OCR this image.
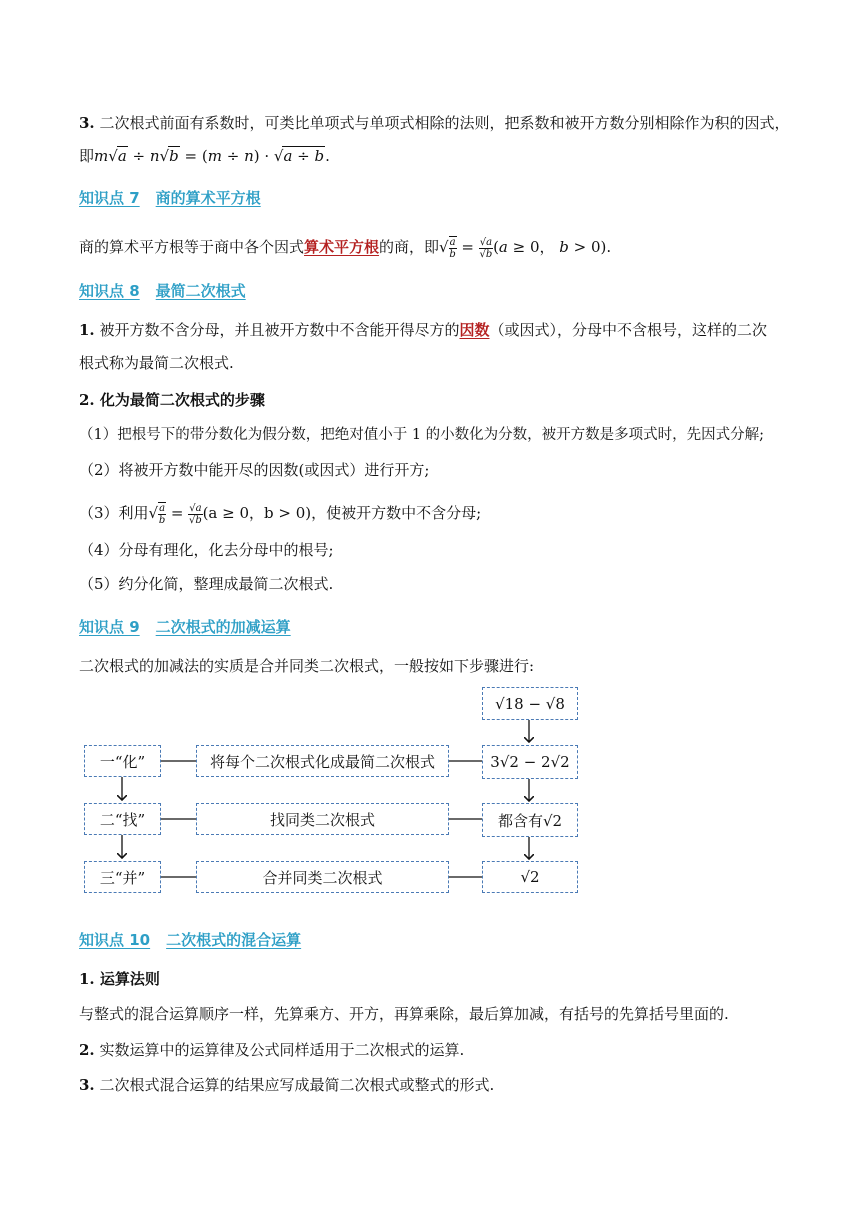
3. 二次根式前面有系数时，可类比单项式与单项式相除的法则，把系数和被开方数分别相除作为积的因式，
即m√a ÷ n√b = (m ÷ n) · √a ÷ b.
知识点 7 商的算术平方根
商的算术平方根等于商中各个因式算术平方根的商，即√ $\frac{a}{b} = \frac{√a}{√b} (a \ge 0$， b > 0).
知识点 8 最简二次根式
1. 被开方数不含分母，并且被开方数中不含能开得尽方的因数（或因式），分母中不含根号，这样的二次
根式称为最简二次根式.
2. 化为最简二次根式的步骤
（1）把根号下的带分数化为假分数，把绝对值小于 1 的小数化为分数，被开方数是多项式时，先因式分解;
（2）将被开方数中能开尽的因数(或因式）进行开方;
（3）利用√ $\frac{a}{b} = \frac{√a}{√b} (a \ge 0$，b > 0)，使被开方数中不含分母;
（4）分母有理化，化去分母中的根号;
（5）约分化简，整理成最简二次根式.
知识点 9 二次根式的加减运算
二次根式的加减法的实质是合并同类二次根式，一般按如下步骤进行:
一“化”
二“找”
三“并”
将每个二次根式化成最简二次根式
找同类二次根式
合并同类二次根式
√18 − √8
3√2 − 2√2
都含有√2
√2
知识点 10 二次根式的混合运算
1. 运算法则
与整式的混合运算顺序一样，先算乘方、开方，再算乘除，最后算加减，有括号的先算括号里面的.
2. 实数运算中的运算律及公式同样适用于二次根式的运算.
3. 二次根式混合运算的结果应写成最简二次根式或整式的形式.
